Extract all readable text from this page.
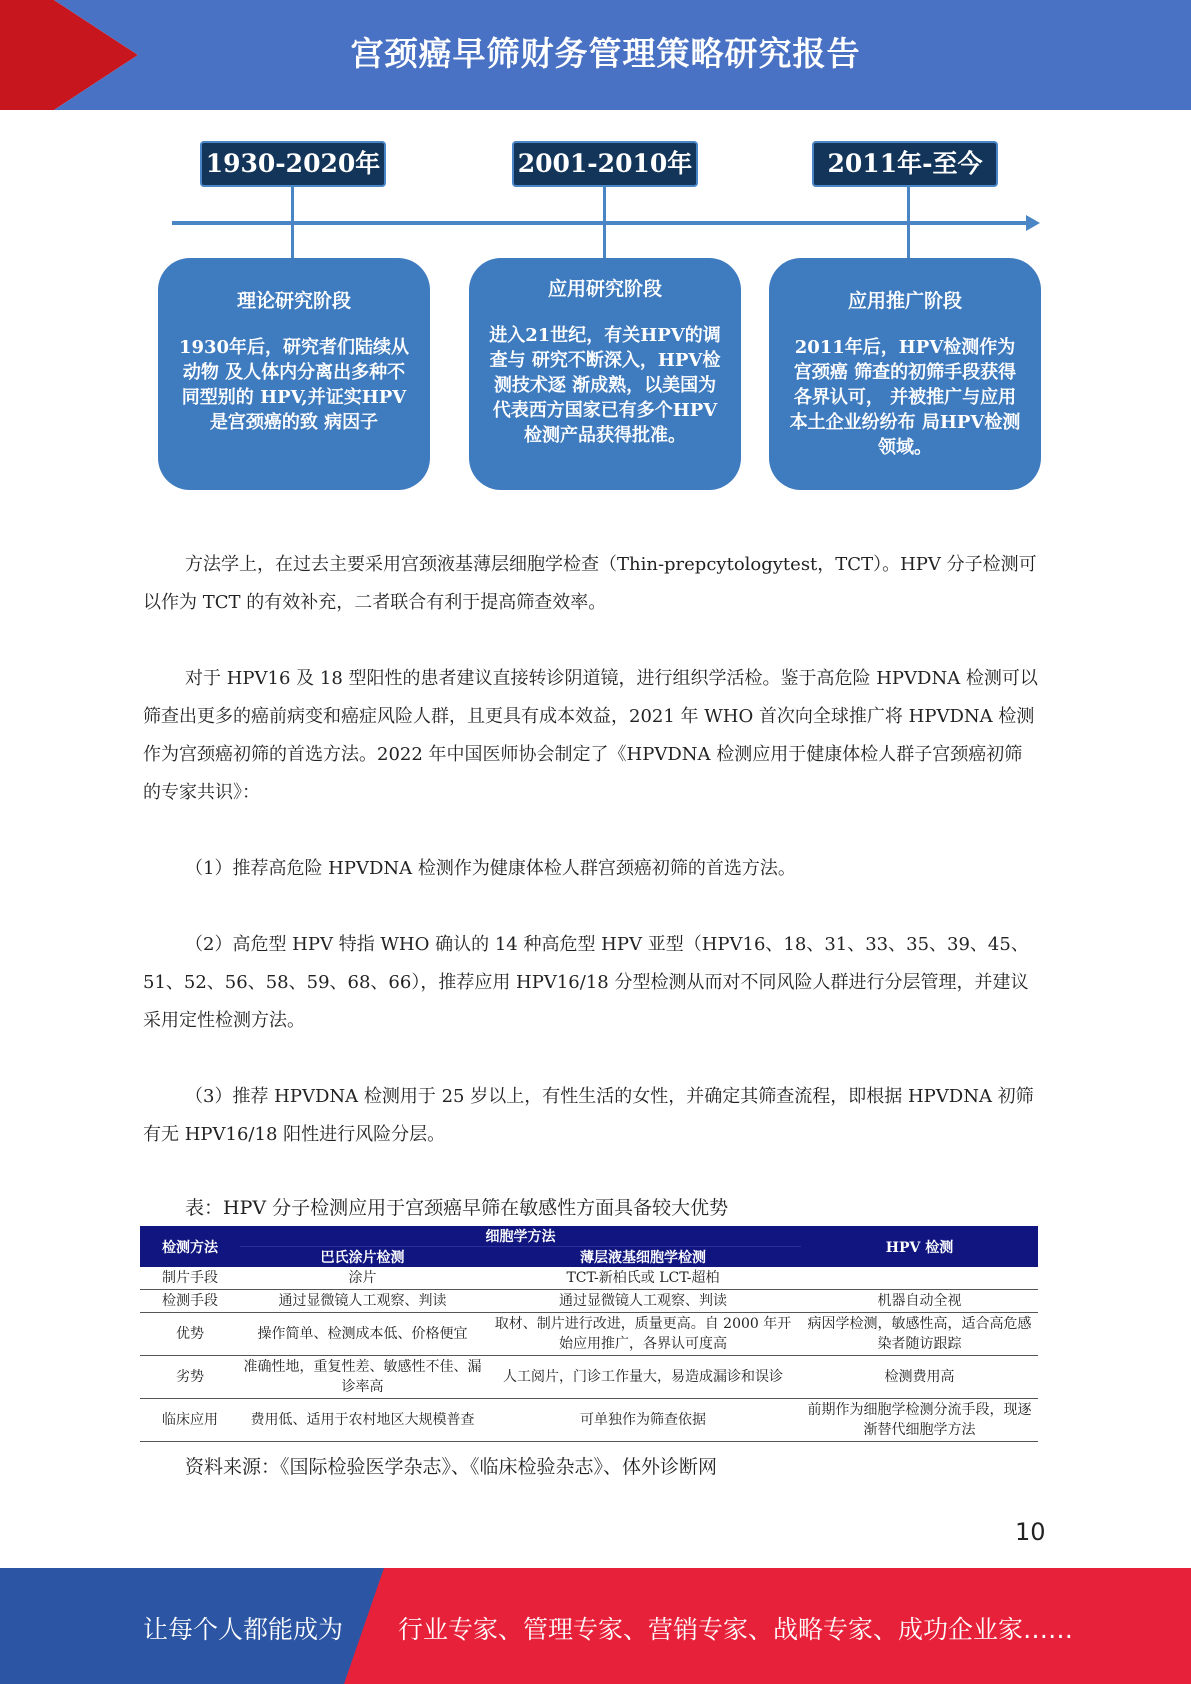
宫颈癌早筛财务管理策略研究报告
1930-2020年
理论研究阶段
1930年后，研究者们陆续从动物 及人体内分离出多种不同型别的 HPV,并证实HPV是宫颈癌的致 病因子
2001-2010年
应用研究阶段
进入21世纪，有关HPV的调查与 研究不断深入，HPV检测技术逐 渐成熟，以美国为代表西方国家已有多个HPV检测产品获得批准。
2011年-至今
应用推广阶段
2011年后，HPV检测作为宫颈癌 筛查的初筛手段获得各界认可， 并被推广与应用本土企业纷纷布 局HPV检测领域。
方法学上，在过去主要采用宫颈液基薄层细胞学检查（Thin-prepcytologytest，TCT）。HPV 分子检测可以作为 TCT 的有效补充，二者联合有利于提高筛查效率。
对于 HPV16 及 18 型阳性的患者建议直接转诊阴道镜，进行组织学活检。鉴于高危险 HPVDNA 检测可以筛查出更多的癌前病变和癌症风险人群，且更具有成本效益，2021 年 WHO 首次向全球推广将 HPVDNA 检测作为宫颈癌初筛的首选方法。2022 年中国医师协会制定了《HPVDNA 检测应用于健康体检人群子宫颈癌初筛的专家共识》：
（1）推荐高危险 HPVDNA 检测作为健康体检人群宫颈癌初筛的首选方法。
（2）高危型 HPV 特指 WHO 确认的 14 种高危型 HPV 亚型（HPV16、18、31、33、35、39、45、51、52、56、58、59、68、66），推荐应用 HPV16/18 分型检测从而对不同风险人群进行分层管理，并建议采用定性检测方法。
（3）推荐 HPVDNA 检测用于 25 岁以上，有性生活的女性，并确定其筛查流程，即根据 HPVDNA 初筛有无 HPV16/18 阳性进行风险分层。
表：HPV 分子检测应用于宫颈癌早筛在敏感性方面具备较大优势
检测方法	细胞学方法		HPV 检测
	巴氏涂片检测	薄层液基细胞学检测	
制片手段	涂片	TCT-新柏氏或 LCT-超柏	
检测手段	通过显微镜人工观察、判读	通过显微镜人工观察、判读	机器自动全视
优势	操作简单、检测成本低、价格便宜	取材、制片进行改进，质量更高。自 2000 年开始应用推广，各界认可度高	病因学检测，敏感性高，适合高危感染者随访跟踪
劣势	准确性地，重复性差、敏感性不佳、漏诊率高	人工阅片，门诊工作量大，易造成漏诊和误诊	检测费用高
临床应用	费用低、适用于农村地区大规模普查	可单独作为筛查依据	前期作为细胞学检测分流手段，现逐渐替代细胞学方法
资料来源：《国际检验医学杂志》、《临床检验杂志》、体外诊断网
10
让每个人都能成为 行业专家、管理专家、营销专家、战略专家、成功企业家……
